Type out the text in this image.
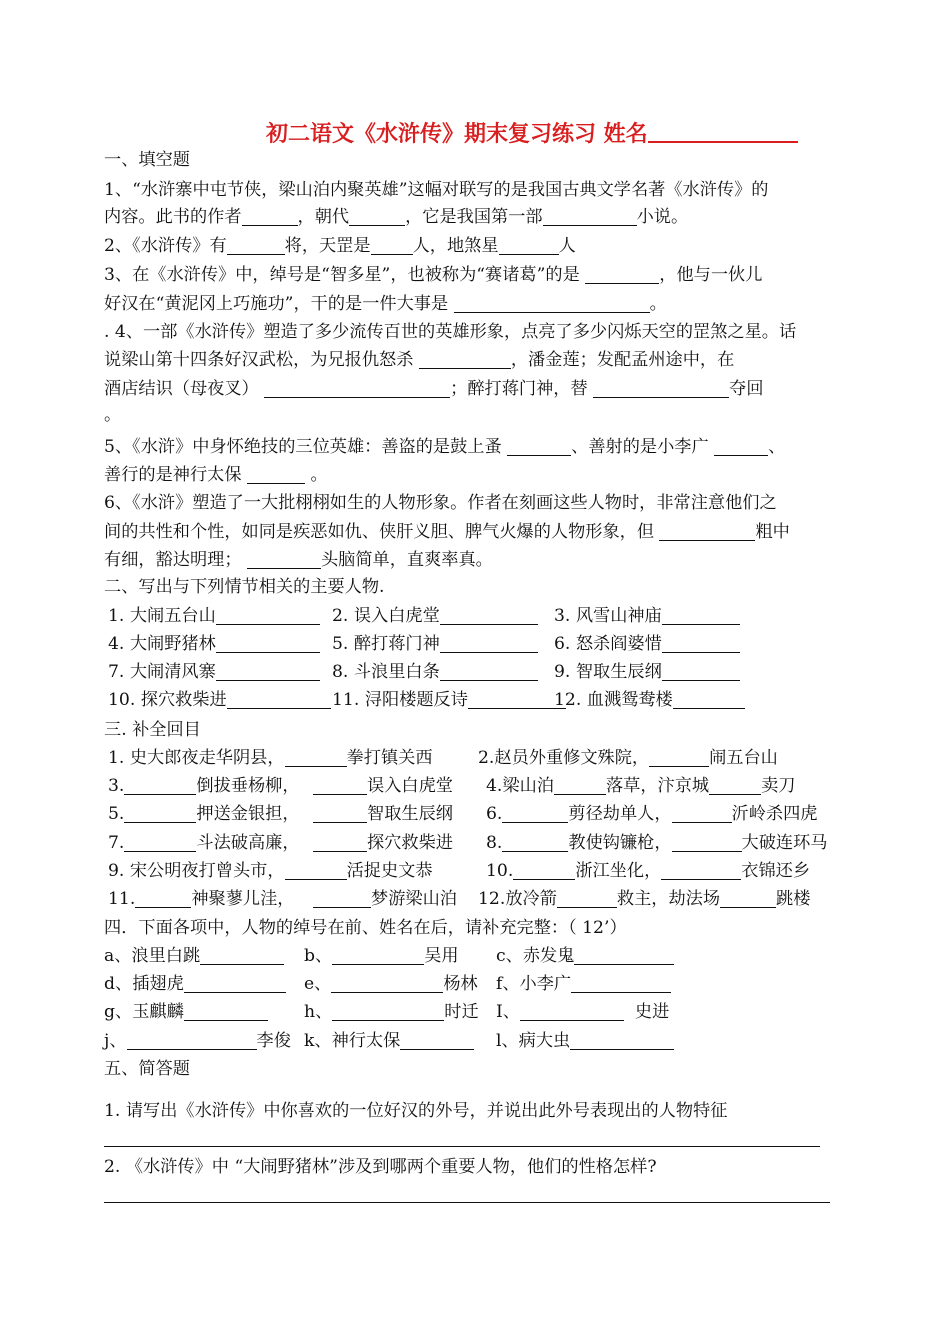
初二语文《水浒传》期末复习练习 姓名
一、填空题
1、“水浒寨中屯节侠，梁山泊内聚英雄”这幅对联写的是我国古典文学名著《水浒传》的
内容。此书的作者	，朝代	，它是我国第一部	小说。
2、《水浒传》有	将，天罡是 人，地煞星	人
3、在《水浒传》中，绰号是“智多星”，也被称为“赛诸葛”的是	，他与一伙儿
好汉在“黄泥冈上巧施功”，干的是一件大事是	。
. 4、一部《水浒传》塑造了多少流传百世的英雄形象，点亮了多少闪烁天空的罡煞之星。话
说梁山第十四条好汉武松，为兄报仇怒杀	，潘金莲；发配孟州途中，在
酒店结识（母夜叉）	；醉打蒋门神，替	夺回
。
5、《水浒》中身怀绝技的三位英雄：善盗的是鼓上蚤	、善射的是小李广	、
善行的是神行太保	。
6、《水浒》塑造了一大批栩栩如生的人物形象。作者在刻画这些人物时，非常注意他们之
间的共性和个性，如同是疾恶如仇、侠肝义胆、脾气火爆的人物形象，但	粗中
有细，豁达明理；	头脑简单，直爽率真。
二、写出与下列情节相关的主要人物.
1. 大闹五台山	2. 误入白虎堂	3. 风雪山神庙
4. 大闹野猪林	5. 醉打蒋门神	6. 怒杀阎婆惜
7. 大闹清风寨	8. 斗浪里白条	9. 智取生辰纲
10. 探穴救柴进	11. 浔阳楼题反诗	12. 血溅鸳鸯楼
三. 补全回目
1. 史大郎夜走华阴县，	拳打镇关西	2.赵员外重修文殊院，	闹五台山
3.	倒拔垂杨柳，	误入白虎堂 4.梁山泊	落草，汴京城	卖刀
5.	押送金银担，	智取生辰纲 6.	剪径劫单人，	沂岭杀四虎
7.	斗法破高廉，	探穴救柴进 8.	教使钩镰枪，	大破连环马
9. 宋公明夜打曾头市，	活捉史文恭	10.	浙江坐化，	衣锦还乡
11.	神聚蓼儿洼，	梦游梁山泊 12.放冷箭	救主，劫法场	跳楼
四．下面各项中，人物的绰号在前、姓名在后，请补充完整：（ 12’）
a、浪里白跳	b、	吴用 c、赤发鬼
d、插翅虎	e、	杨林 f、小李广
g、玉麒麟	h、	时迁 I、	史进
j、	李俊 k、神行太保	l、病大虫
五、简答题
1. 请写出《水浒传》中你喜欢的一位好汉的外号，并说出此外号表现出的人物特征
2. 《水浒传》中 “大闹野猪林”涉及到哪两个重要人物，他们的性格怎样?
